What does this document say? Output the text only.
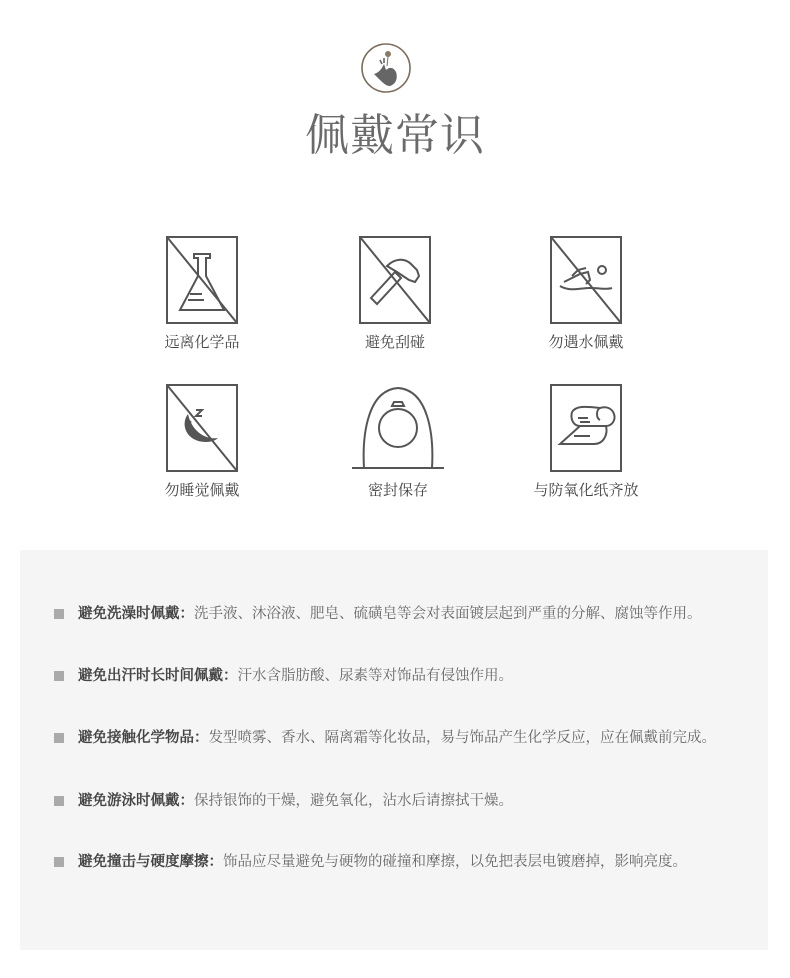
佩戴常识
远离化学品	避免刮碰	勿遇水佩戴
勿睡觉佩戴	密封保存	与防氧化纸齐放
避免洗澡时佩戴：洗手液、沐浴液、肥皂、硫磺皂等会对表面镀层起到严重的分解、腐蚀等作用。
避免出汗时长时间佩戴：汗水含脂肪酸、尿素等对饰品有侵蚀作用。
避免接触化学物品：发型喷雾、香水、隔离霜等化妆品，易与饰品产生化学反应，应在佩戴前完成。
避免游泳时佩戴：保持银饰的干燥，避免氧化，沾水后请擦拭干燥。
避免撞击与硬度摩擦：饰品应尽量避免与硬物的碰撞和摩擦，以免把表层电镀磨掉，影响亮度。
